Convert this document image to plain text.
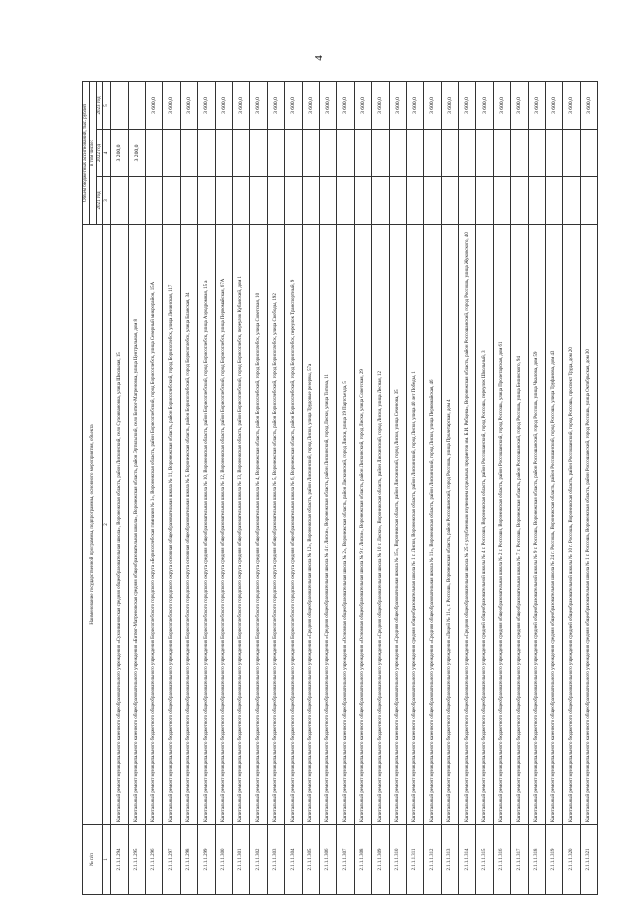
4
№ п/п	Наименование государственной программы, подпрограммы, основного мероприятия, объекта	Объем бюджетных ассигнований, тыс. рублей		
		в том числе:		
		2021 год	2022 год	2023 год
1	2	3	4	5
2.1.1.1.294	Капитальный ремонт муниципального казенного общеобразовательного учреждения «Сухоивановская средняя общеобразовательная школа», Воронежская область, район Лискинский, село Сухоивановка, улица Школьная, 15		3 200,0	
2.1.1.1.295	Капитальный ремонт муниципального казенного общеобразовательного учреждения «Битюг-Матреновская средняя общеобразовательная школа», Воронежская область, район Эртильский, село Битюг-Матреновка, улица Центральная, дом 8		3 200,0	
2.1.1.1.296	Капитальный ремонт муниципального бюджетного общеобразовательного учреждения Борисоглебского городского округа «Борисоглебская гимназия № 1», Воронежская область, район Борисоглебский, город Борисоглебск, улица Северный микрорайон, 15А			3 600,0
2.1.1.1.297	Капитальный ремонт муниципального бюджетного общеобразовательного учреждения Борисоглебского городского округа основная общеобразовательная школа № 11, Воронежская область, район Борисоглебский, город Борисоглебск, улица Ленинская, 117			3 600,0
2.1.1.1.298	Капитальный ремонт муниципального бюджетного общеобразовательного учреждения Борисоглебского городского округа основная общеобразовательная школа № 5, Воронежская область, район Борисоглебский, город Борисоглебск, улица Бланская, 34			3 600,0
2.1.1.1.299	Капитальный ремонт муниципального бюджетного общеобразовательного учреждения Борисоглебского городского округа средняя общеобразовательная школа № 10, Воронежская область, район Борисоглебский, город Борисоглебск, улица Аэродромная, 15 а			3 600,0
2.1.1.1.300	Капитальный ремонт муниципального бюджетного общеобразовательного учреждения Борисоглебского городского округа средняя общеобразовательная школа № 12, Воронежская область, район Борисоглебский, город Борисоглебск, улица Первомайская, 67А			3 600,0
2.1.1.1.301	Капитальный ремонт муниципального бюджетного общеобразовательного учреждения Борисоглебского городского округа средняя общеобразовательная школа № 13, Воронежская область, район Борисоглебский, город Борисоглебск, переулок Кубанский, дом 1			3 600,0
2.1.1.1.302	Капитальный ремонт муниципального бюджетного общеобразовательного учреждения Борисоглебского городского округа средняя общеобразовательная школа № 4, Воронежская область, район Борисоглебский, город Борисоглебск, улица Советская, 10			3 600,0
2.1.1.1.303	Капитальный ремонт муниципального бюджетного общеобразовательного учреждения Борисоглебского городского округа средняя общеобразовательная школа № 5, Воронежская область, район Борисоглебский, город Борисоглебск, улица Свободы, 192			3 600,0
2.1.1.1.304	Капитальный ремонт муниципального бюджетного общеобразовательного учреждения Борисоглебского городского округа средняя общеобразовательная школа № 6, Воронежская область, район Борисоглебский, город Борисоглебск, переулок Транспортный, 9			3 600,0
2.1.1.1.305	Капитальный ремонт муниципального бюджетного общеобразовательного учреждения «Средняя общеобразовательная школа № 12», Воронежская область, район Лискинский, город Лиски, улица Трудовые резервы, 57а			3 600,0
2.1.1.1.306	Капитальный ремонт муниципального бюджетного общеобразовательного учреждения «Средняя общеобразовательная школа № 4 г. Лиски», Воронежская область, район Лискинский, город Лиски, улица Титова, 11			3 600,0
2.1.1.1.307	Капитальный ремонт муниципального казенного общеобразовательного учреждения «Основная общеобразовательная школа № 2», Воронежская область, район Лискинский, город Лиски, улица 19 Партсъезда, 5			3 600,0
2.1.1.1.308	Капитальный ремонт муниципального казенного общеобразовательного учреждения «Основная общеобразовательная школа № 9 г. Лиски», Воронежская область, район Лискинский, город Лиски, улица Советская, 29			3 600,0
2.1.1.1.309	Капитальный ремонт муниципального бюджетного общеобразовательного учреждения «Средняя общеобразовательная школа № 10 г. Лиски», Воронежская область, район Лискинский, город Лиски, улица Лесная, 12			3 600,0
2.1.1.1.310	Капитальный ремонт муниципального казенного общеобразовательного учреждения «Средняя общеобразовательная школа № 15», Воронежская область, район Лискинский, город Лиски, улица Сеченова, 35			3 600,0
2.1.1.1.311	Капитальный ремонт муниципального казенного общеобразовательного учреждения средняя общеобразовательная школа № 1 г. Лиски, Воронежская область, район Лискинский, город Лиски, улица 40 лет Победы, 1			3 600,0
2.1.1.1.312	Капитальный ремонт муниципального казенного общеобразовательного учреждения «Средняя общеобразовательная школа № 11», Воронежская область, район Лискинский, город Лиски, улица Первомайская, 46			3 600,0
2.1.1.1.313	Капитальный ремонт муниципального бюджетного общеобразовательного учреждения «Лицей № 11», г. Россошь, Воронежская область, район Россошанский, город Россошь, улица Пролетарская, дом 4			3 600,0
2.1.1.1.314	Капитальный ремонт муниципального бюджетного общеобразовательного учреждения «Средняя общеобразовательная школа № 25 с углубленным изучением отдельных предметов им. Б.И. Рябцева», Воронежская область, район Россошанский, город Россошь, улица Жуковского, 40			3 600,0
2.1.1.1.315	Капитальный ремонт муниципального бюджетного общеобразовательного учреждения средней общеобразовательной школы № 4 г. Россоши, Воронежская область, район Россошанский, город Россошь, переулок Школьный, 3			3 600,0
2.1.1.1.316	Капитальный ремонт муниципального бюджетного общеобразовательного учреждения средняя общеобразовательная школа № 2 г. Россоши, Воронежская область, район Россошанский, город Россошь, улица Пролетарская, дом 61			3 600,0
2.1.1.1.317	Капитальный ремонт муниципального бюджетного общеобразовательного учреждения средняя общеобразовательная школа № 7 г. Россошь, Воронежская область, район Россошанский, город Россошь, улица Белинского, 94			3 600,0
2.1.1.1.318	Капитальный ремонт муниципального бюджетного общеобразовательного учреждения средней общеобразовательной школы № 9 г. Россошь, Воронежская область, район Россошанский, город Россошь, улица Чкалова, дом 59			3 600,0
2.1.1.1.319	Капитальный ремонт муниципального казенного общеобразовательного учреждения средняя общеобразовательная школа № 24 г. Россошь, Воронежская область, район Россошанский, город Россошь, улица Труфанова, дом 43			3 600,0
2.1.1.1.320	Капитальный ремонт муниципального бюджетного общеобразовательного учреждения средней общеобразовательной школы № 10 г. Россошь, Воронежская область, район Россошанский, город Россошь, проспект Труда, дом 20			3 600,0
2.1.1.1.321	Капитальный ремонт муниципального казенного общеобразовательного учреждения средняя общеобразовательная школа № 1 г. Россошь, Воронежская область, район Россошанский, город Россошь, улица Октябрьская, дом 30			3 600,0
